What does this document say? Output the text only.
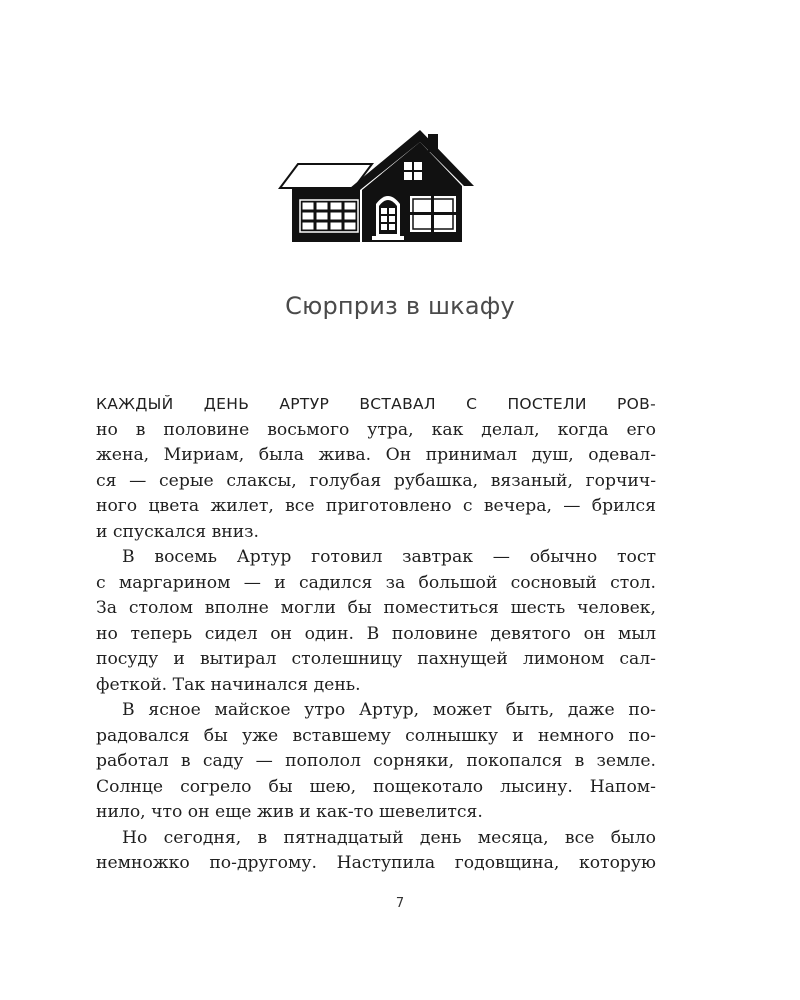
Сюрприз в шкафу
КАЖДЫЙ ДЕНЬ АРТУР ВСТАВАЛ С ПОСТЕЛИ РОВ-
но в половине восьмого утра, как делал, когда его
жена, Мириам, была жива. Он принимал душ, одевал-
ся — серые слаксы, голубая рубашка, вязаный, горчич-
ного цвета жилет, все приготовлено с вечера, — брился
и спускался вниз.
В восемь Артур готовил завтрак — обычно тост
с маргарином — и садился за большой сосновый стол.
За столом вполне могли бы поместиться шесть человек,
но теперь сидел он один. В половине девятого он мыл
посуду и вытирал столешницу пахнущей лимоном сал-
феткой. Так начинался день.
В ясное майское утро Артур, может быть, даже по-
радовался бы уже вставшему солнышку и немного по-
работал в саду — пополол сорняки, покопался в земле.
Солнце согрело бы шею, пощекотало лысину. Напом-
нило, что он еще жив и как-то шевелится.
Но сегодня, в пятнадцатый день месяца, все было
немножко по-другому. Наступила годовщина, которую
7
